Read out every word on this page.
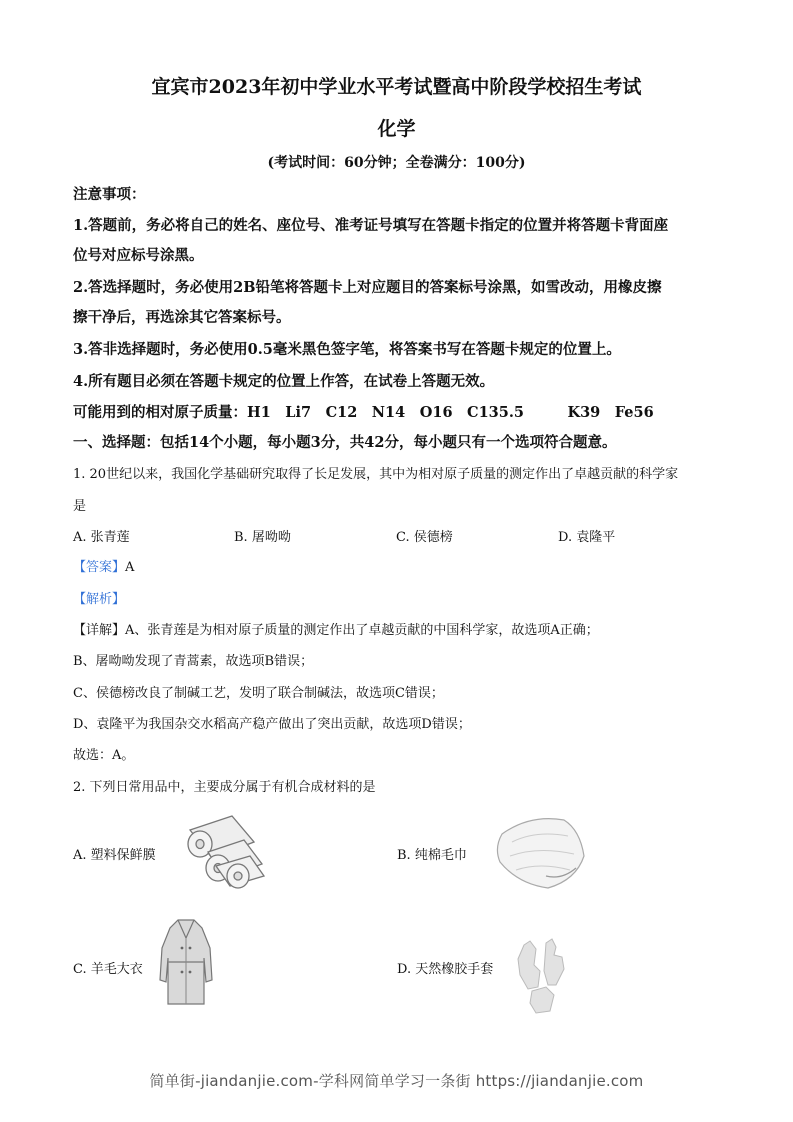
宜宾市2023年初中学业水平考试暨高中阶段学校招生考试
化学
(考试时间：60分钟；全卷满分：100分)
注意事项：
1.答题前，务必将自己的姓名、座位号、准考证号填写在答题卡指定的位置并将答题卡背面座
位号对应标号涂黑。
2.答选择题时，务必使用2B铅笔将答题卡上对应题目的答案标号涂黑，如雪改动，用橡皮擦
擦干净后，再选涂其它答案标号。
3.答非选择题时，务必使用0.5毫米黑色签字笔，将答案书写在答题卡规定的位置上。
4.所有题目必须在答题卡规定的位置上作答，在试卷上答题无效。
可能用到的相对原子质量：H1　Li7　C12　N14　O16　C135.5　　　K39　Fe56
一、选择题：包括14个小题，每小题3分，共42分，每小题只有一个选项符合题意。
1. 20世纪以来，我国化学基础研究取得了长足发展，其中为相对原子质量的测定作出了卓越贡献的科学家
是
A. 张青莲	B. 屠呦呦	C. 侯德榜	D. 袁隆平
【答案】A
【解析】
【详解】A、张青莲是为相对原子质量的测定作出了卓越贡献的中国科学家，故选项A正确；
B、屠呦呦发现了青蒿素，故选项B错误；
C、侯德榜改良了制碱工艺，发明了联合制碱法，故选项C错误；
D、袁隆平为我国杂交水稻高产稳产做出了突出贡献，故选项D错误；
故选：A。
2. 下列日常用品中，主要成分属于有机合成材料的是
A. 塑料保鲜膜	B. 纯棉毛巾
C. 羊毛大衣	D. 天然橡胶手套
简单街-jiandanjie.com-学科网简单学习一条街 https://jiandanjie.com
